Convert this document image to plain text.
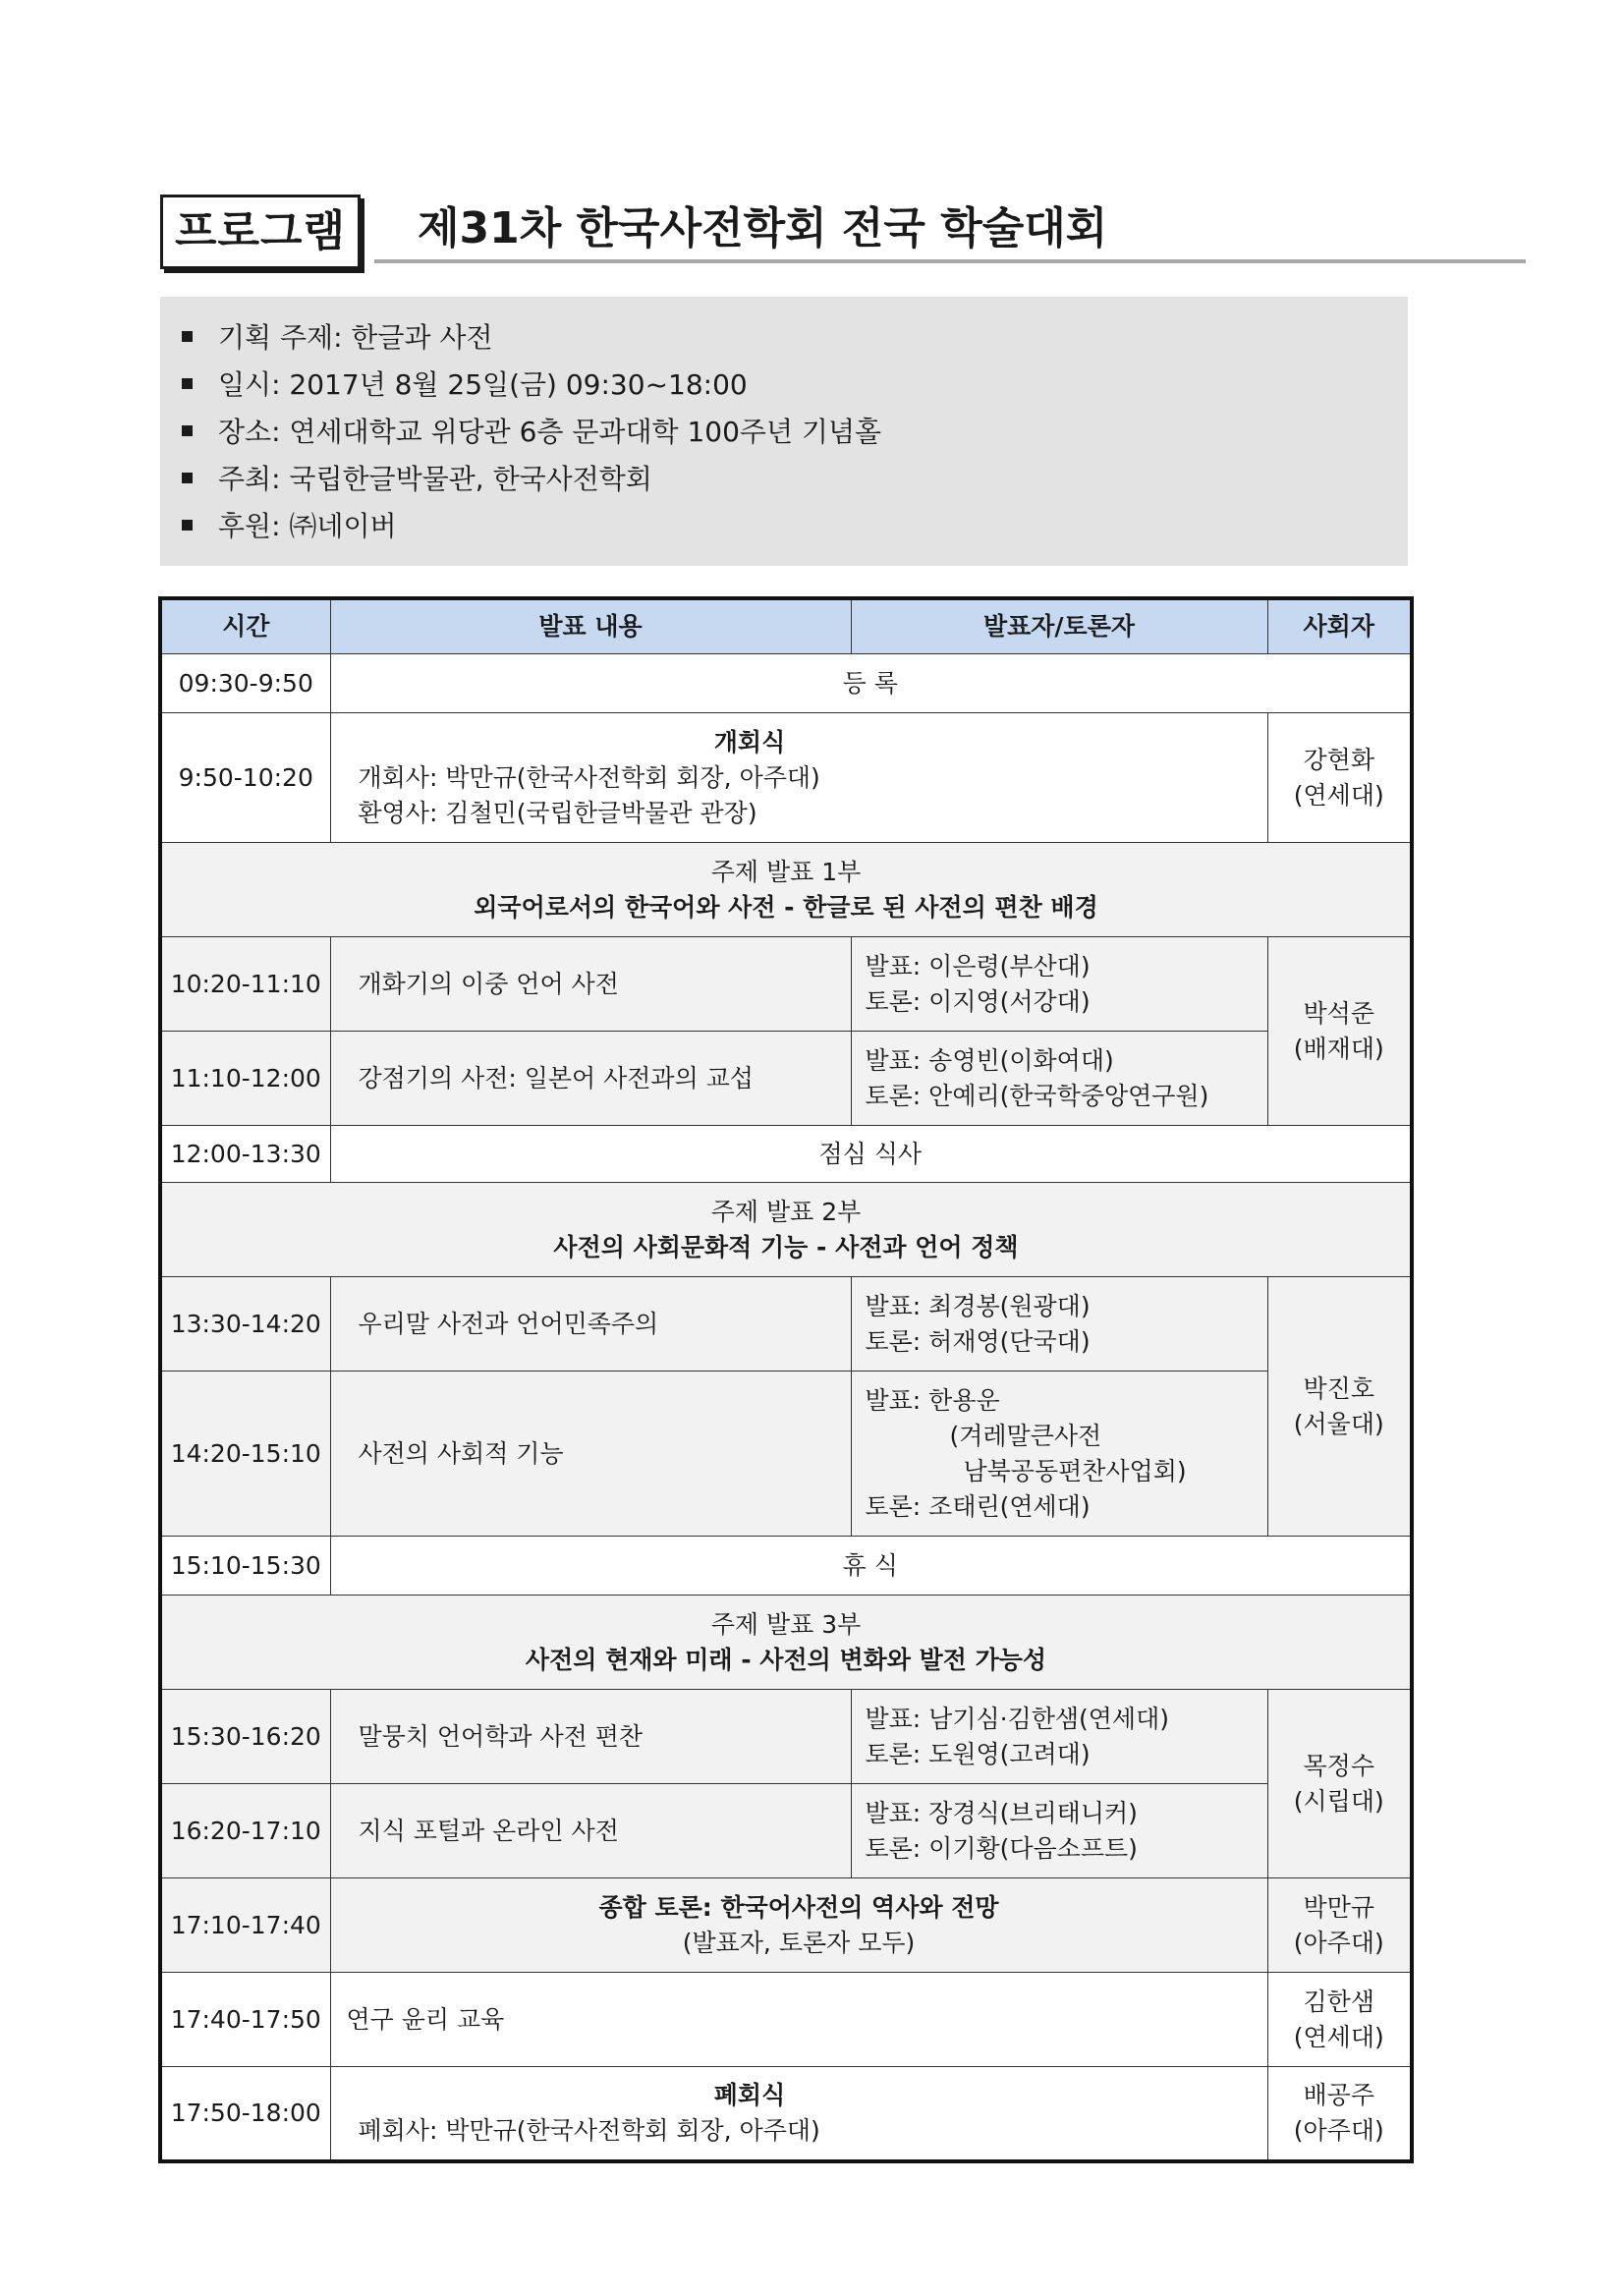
프로그램	제31차 한국사전학회 전국 학술대회
기획 주제: 한글과 사전
일시: 2017년 8월 25일(금) 09:30~18:00
장소: 연세대학교 위당관 6층 문과대학 100주년 기념홀
주최: 국립한글박물관, 한국사전학회
후원: ㈜네이버
시간	발표 내용	발표자/토론자	사회자
09:30-9:50	등 록		
9:50-10:20	개회식
개회사: 박만규(한국사전학회 회장, 아주대)
환영사: 김철민(국립한글박물관 관장)		강현화
(연세대)

주제 발표 1부
외국어로서의 한국어와 사전 - 한글로 된 사전의 편찬 배경			

10:20-11:10	개화기의 이중 언어 사전	발표: 이은령(부산대)
토론: 이지영(서강대)	박석준
(배재대)

11:10-12:00	강점기의 사전: 일본어 사전과의 교섭	발표: 송영빈(이화여대)
토론: 안예리(한국학중앙연구원)	

12:00-13:30	점심 식사		

주제 발표 2부
사전의 사회문화적 기능 - 사전과 언어 정책			

13:30-14:20	우리말 사전과 언어민족주의	발표: 최경봉(원광대)
토론: 허재영(단국대)	박진호
(서울대)

14:20-15:10	사전의 사회적 기능	발표: 한용운
(겨레말큰사전
남북공동편찬사업회)
토론: 조태린(연세대)	

15:10-15:30	휴 식		

주제 발표 3부
사전의 현재와 미래 - 사전의 변화와 발전 가능성			

15:30-16:20	말뭉치 언어학과 사전 편찬	발표: 남기심·김한샘(연세대)
토론: 도원영(고려대)	목정수
(시립대)

16:20-17:10	지식 포털과 온라인 사전	발표: 장경식(브리태니커)
토론: 이기황(다음소프트)	

17:10-17:40	종합 토론: 한국어사전의 역사와 전망
(발표자, 토론자 모두)		박만규
(아주대)

17:40-17:50	연구 윤리 교육		김한샘
(연세대)

17:50-18:00	폐회식
폐회사: 박만규(한국사전학회 회장, 아주대)		배공주
(아주대)
